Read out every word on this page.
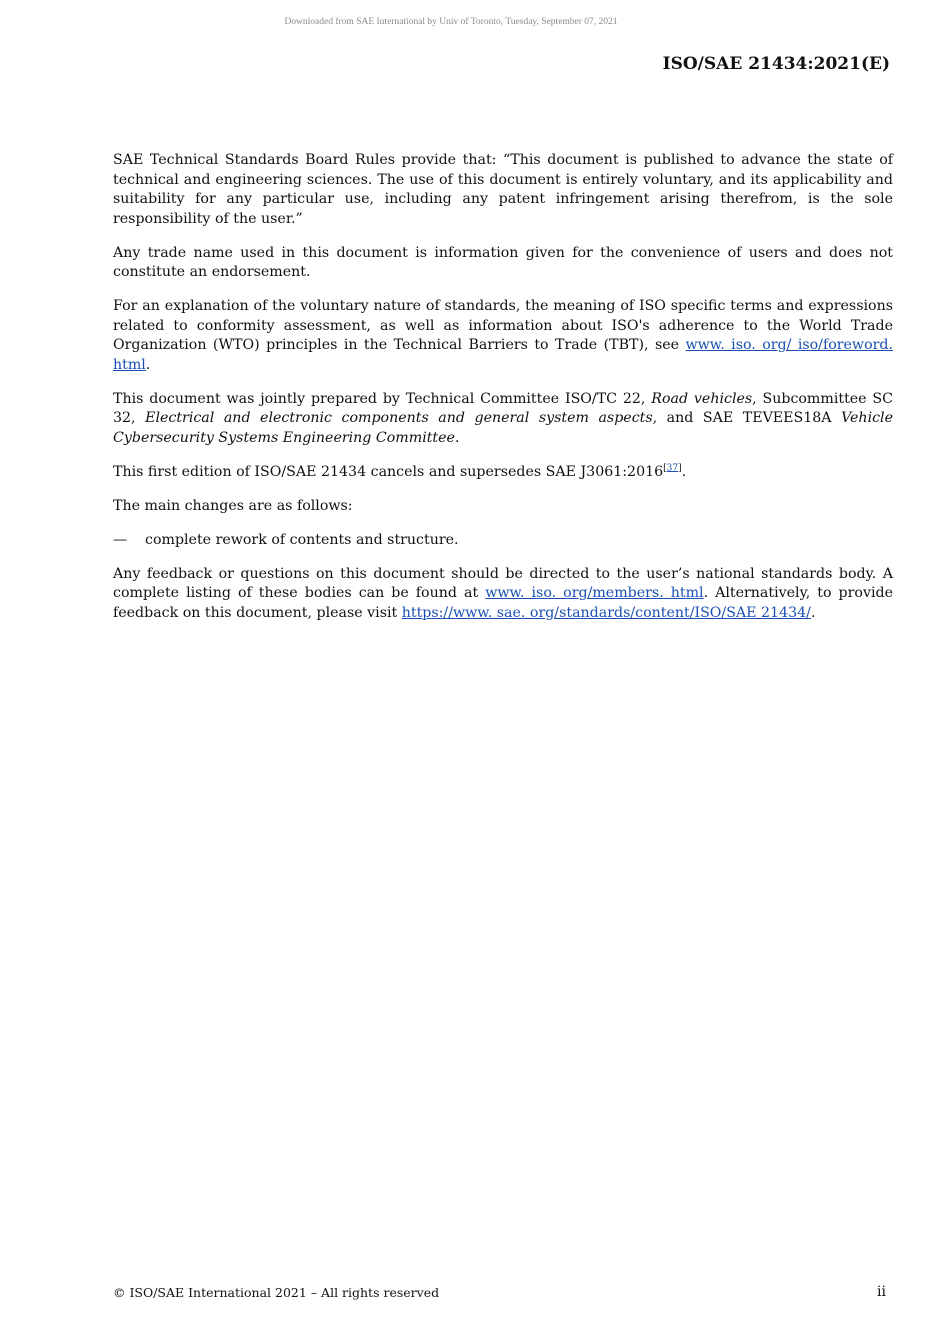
Downloaded from SAE International by Univ of Toronto, Tuesday, September 07, 2021
ISO/SAE 21434:2021(E)

SAE Technical Standards Board Rules provide that: “This document is published to advance the state of technical and engineering sciences. The use of this document is entirely voluntary, and its applicability and suitability for any particular use, including any patent infringement arising therefrom, is the sole responsibility of the user.”

Any trade name used in this document is information given for the convenience of users and does not constitute an endorsement.

For an explanation of the voluntary nature of standards, the meaning of ISO specific terms and expressions related to conformity assessment, as well as information about ISO's adherence to the World Trade Organization (WTO) principles in the Technical Barriers to Trade (TBT), see www. iso. org/ iso/foreword. html.

This document was jointly prepared by Technical Committee ISO/TC 22, Road vehicles, Subcommittee SC 32, Electrical and electronic components and general system aspects, and SAE TEVEES18A Vehicle Cybersecurity Systems Engineering Committee.

This first edition of ISO/SAE 21434 cancels and supersedes SAE J3061:2016[37].

The main changes are as follows:

—	complete rework of contents and structure.

Any feedback or questions on this document should be directed to the user’s national standards body. A complete listing of these bodies can be found at www. iso. org/members. html. Alternatively, to provide feedback on this document, please visit https://www. sae. org/standards/content/ISO/SAE 21434/.

© ISO/SAE International 2021 – All rights reserved	ii
